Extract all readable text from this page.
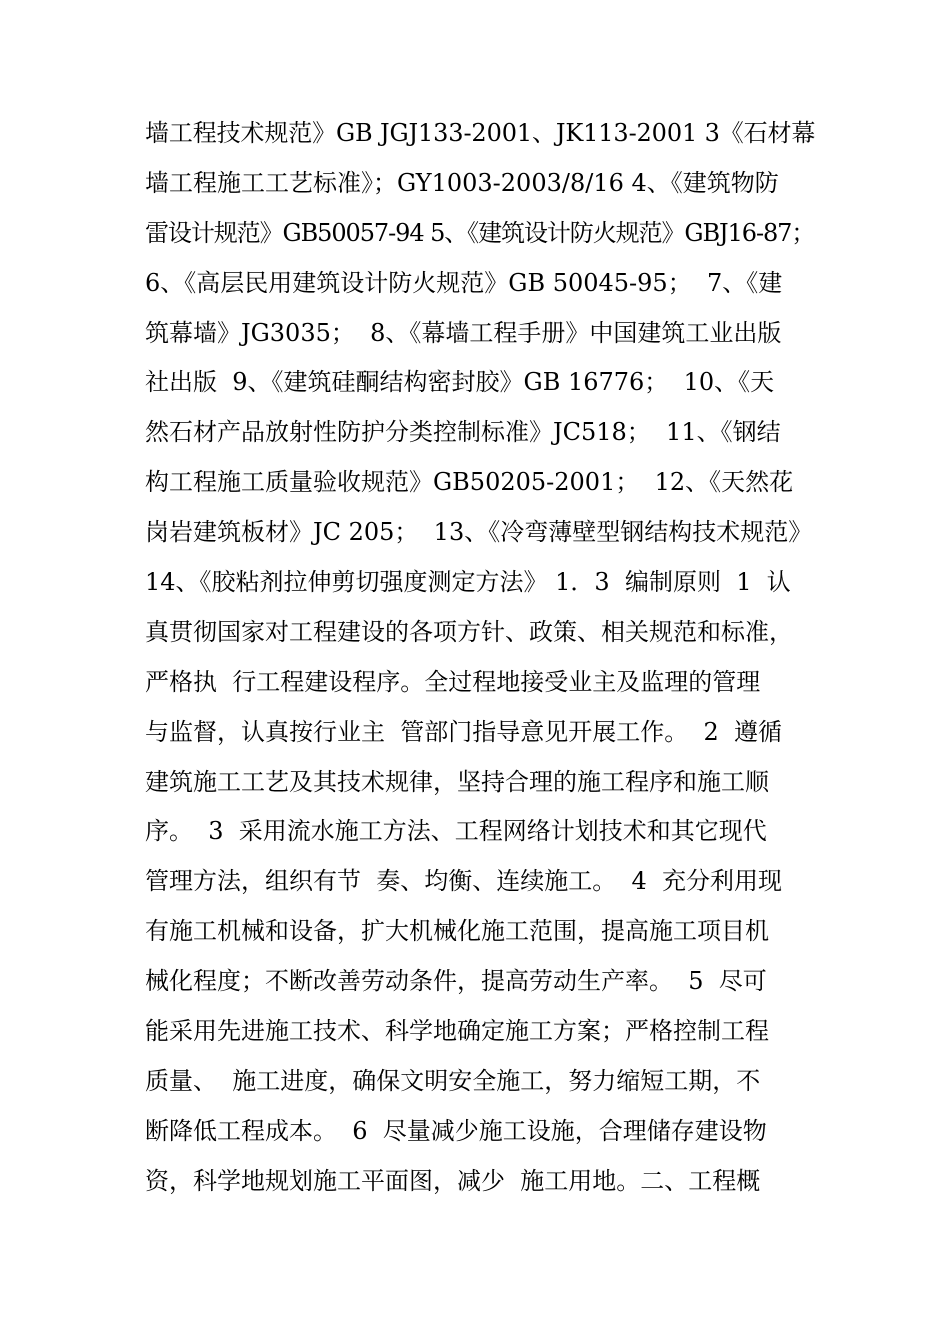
墙工程技术规范》GB JGJ133-2001、JK113-2001 3《石材幕
墙工程施工工艺标准》；GY1003-2003/8/16 4、《建筑物防
雷设计规范》GB50057-94 5、《建筑设计防火规范》GBJ16-87；
6、《高层民用建筑设计防火规范》GB 50045-95；  7、《建
筑幕墙》JG3035；  8、《幕墙工程手册》中国建筑工业出版
社出版  9、《建筑硅酮结构密封胶》GB 16776；  10、《天
然石材产品放射性防护分类控制标准》JC518；  11、《钢结
构工程施工质量验收规范》GB50205-2001；  12、《天然花
岗岩建筑板材》JC 205；  13、《冷弯薄壁型钢结构技术规范》
14、《胶粘剂拉伸剪切强度测定方法》 1．3  编制原则  1  认
真贯彻国家对工程建设的各项方针、政策、相关规范和标准，
严格执  行工程建设程序。全过程地接受业主及监理的管理
与监督，认真按行业主  管部门指导意见开展工作。  2  遵循
建筑施工工艺及其技术规律，坚持合理的施工程序和施工顺
序。  3  采用流水施工方法、工程网络计划技术和其它现代
管理方法，组织有节  奏、均衡、连续施工。  4  充分利用现
有施工机械和设备，扩大机械化施工范围，提高施工项目机
械化程度；不断改善劳动条件，提高劳动生产率。  5  尽可
能采用先进施工技术、科学地确定施工方案；严格控制工程
质量、  施工进度，确保文明安全施工，努力缩短工期，不
断降低工程成本。  6  尽量减少施工设施，合理储存建设物
资，科学地规划施工平面图，减少  施工用地。二、工程概
